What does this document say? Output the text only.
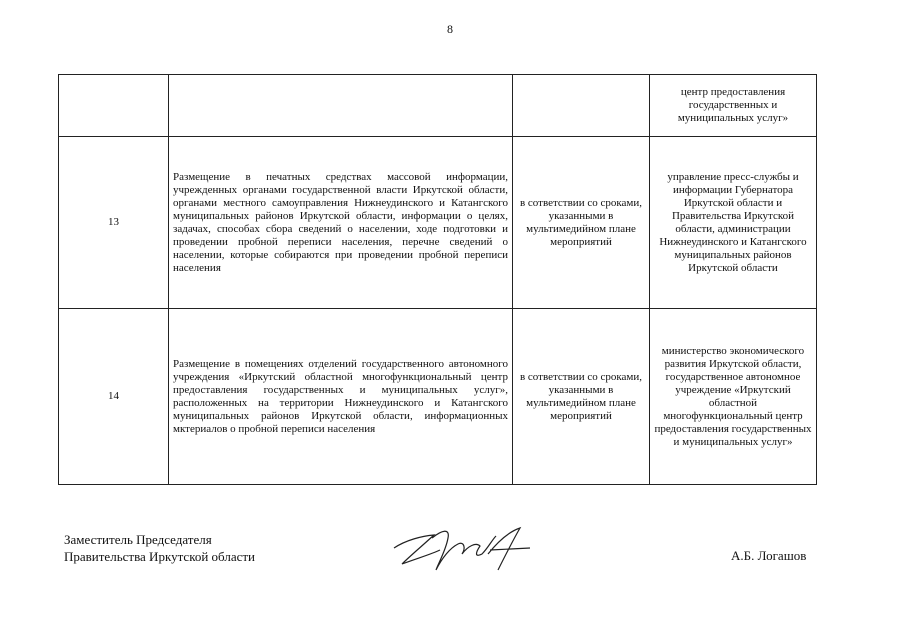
8
			центр предоставления государственных и муниципальных услуг»
13	Размещение в печатных средствах массовой информации, учрежденных органами государственной власти Иркутской области, органами местного самоуправления Нижнеудинского и Катангского муниципальных районов Иркутской области, информации о целях, задачах, способах сбора сведений о населении, ходе подготовки и проведении пробной переписи населения, перечне сведений о населении, которые собираются при проведении пробной переписи населения	в сответствии со сроками, указанными в мультимедийном плане мероприятий	управление пресс-службы и информации Губернатора Иркутской области и Правительства Иркутской области, администрации Нижнеудинского и Катангского муниципальных районов Иркутской области
14	Размещение в помещениях отделений государственного автономного учреждения «Иркутский областной многофункциональный центр предоставления государственных и муниципальных услуг», расположенных на территории Нижнеудинского и Катангского муниципальных районов Иркутской области, информационных мктериалов о пробной переписи населения	в сответствии со сроками, указанными в мультимедийном плане мероприятий	министерство экономического развития Иркутской области, государственное автономное учреждение «Иркутский областной многофункциональный центр предоставления государственных и муниципальных услуг»
Заместитель Председателя
Правительства Иркутской области	А.Б. Логашов
